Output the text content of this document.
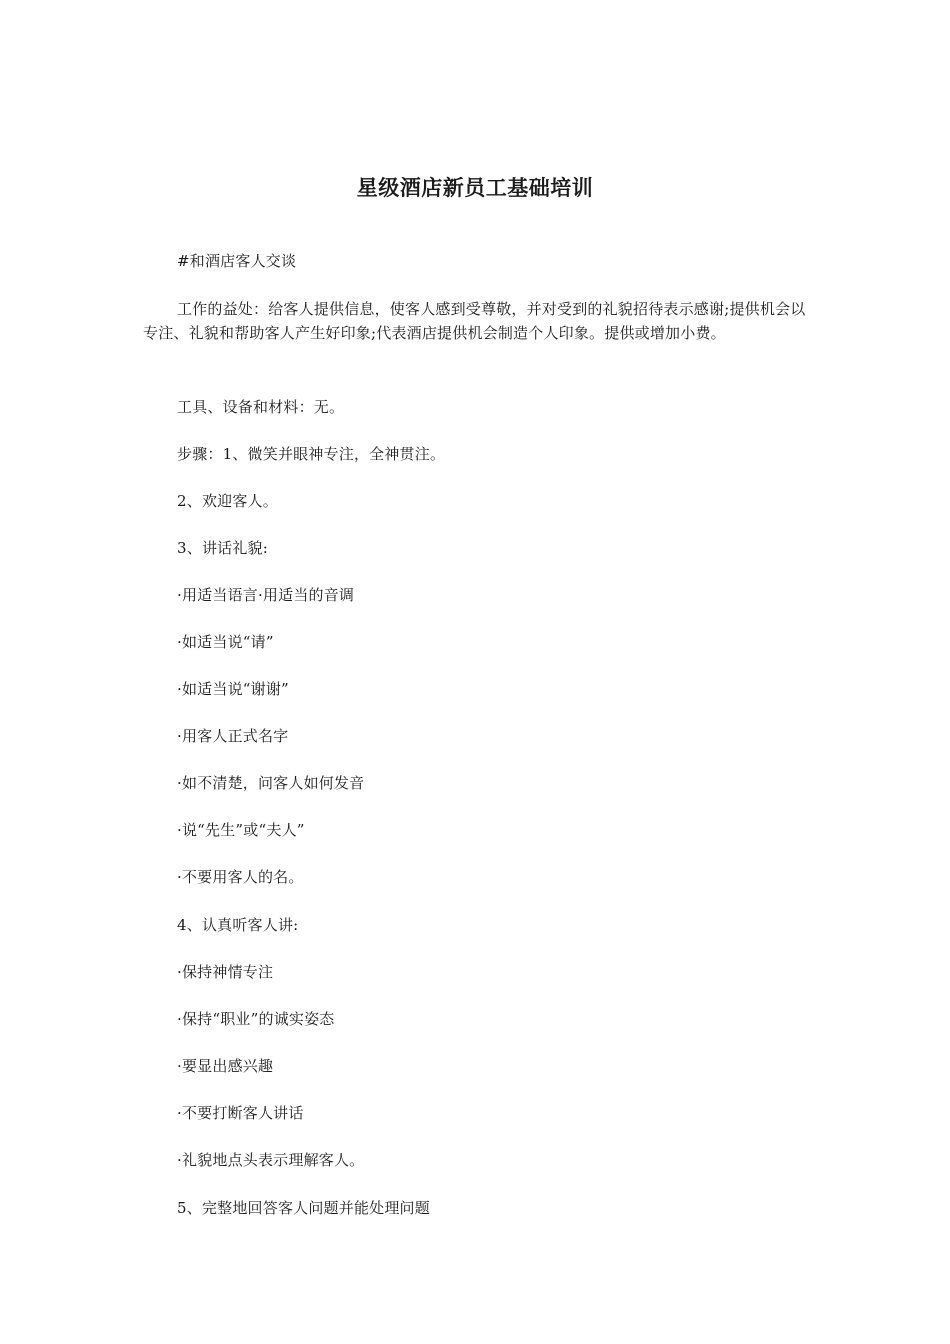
星级酒店新员工基础培训
#和酒店客人交谈
工作的益处：给客人提供信息，使客人感到受尊敬，并对受到的礼貌招待表示感谢;提供机会以专注、礼貌和帮助客人产生好印象;代表酒店提供机会制造个人印象。提供或增加小费。
工具、设备和材料：无。
步骤：1、微笑并眼神专注，全神贯注。
2、欢迎客人。
3、讲话礼貌:
·用适当语言·用适当的音调
·如适当说“请”
·如适当说“谢谢”
·用客人正式名字
·如不清楚，问客人如何发音
·说“先生”或“夫人”
·不要用客人的名。
4、认真听客人讲:
·保持神情专注
·保持“职业”的诚实姿态
·要显出感兴趣
·不要打断客人讲话
·礼貌地点头表示理解客人。
5、完整地回答客人问题并能处理问题
